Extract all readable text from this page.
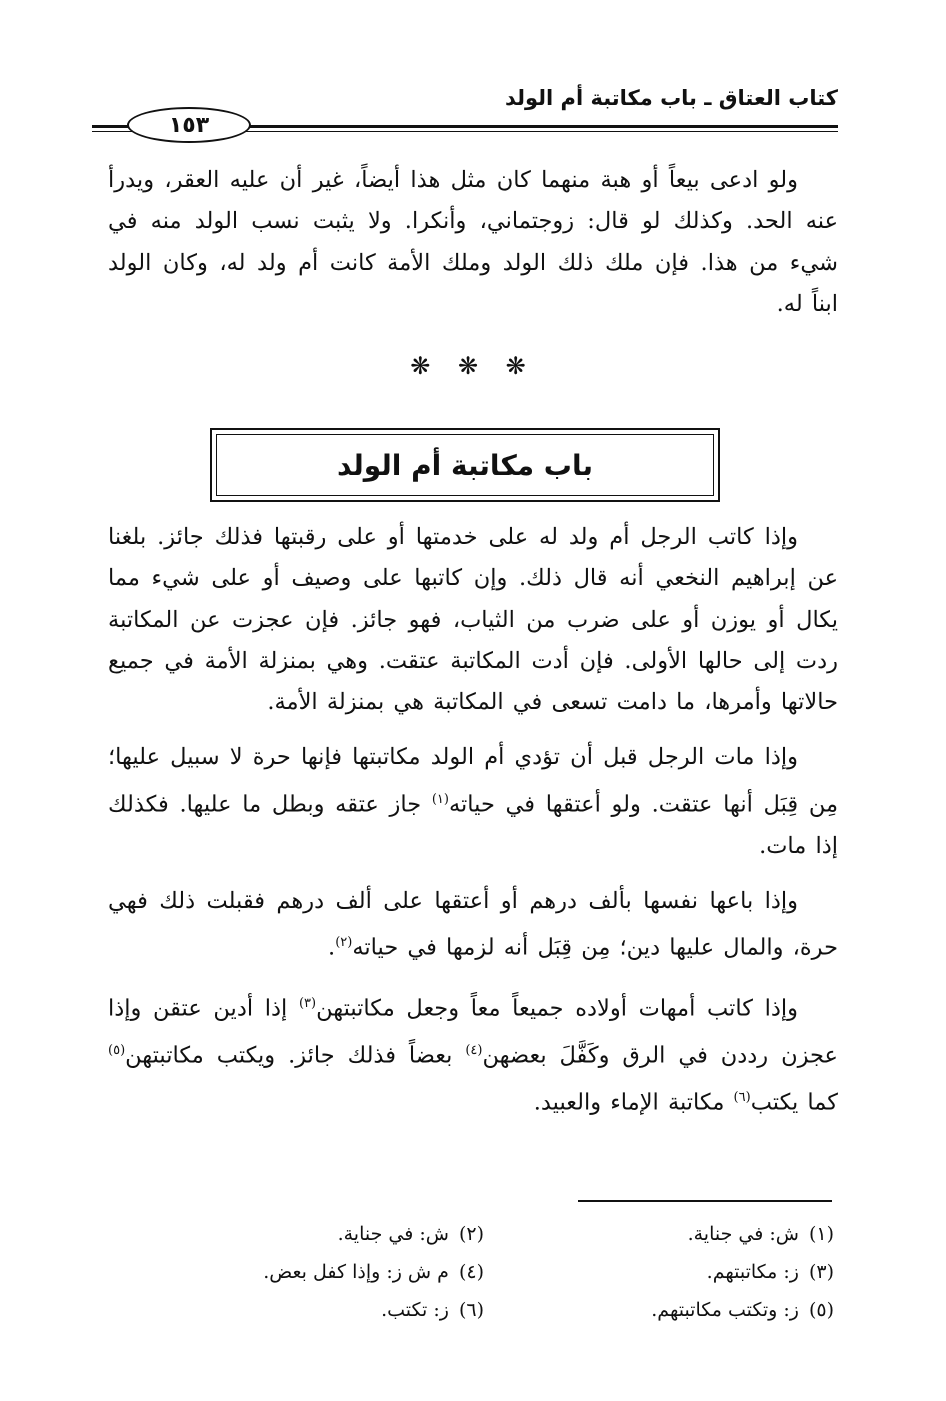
كتاب العتاق ـ باب مكاتبة أم الولد
١٥٣

ولو ادعى بيعاً أو هبة منهما كان مثل هذا أيضاً، غير أن عليه العقر، ويدرأ عنه الحد. وكذلك لو قال: زوجتماني، وأنكرا. ولا يثبت نسب الولد منه في شيء من هذا. فإن ملك ذلك الولد وملك الأمة كانت أم ولد له، وكان الولد ابناً له.

❋ ❋ ❋
باب مكاتبة أم الولد

وإذا كاتب الرجل أم ولد له على خدمتها أو على رقبتها فذلك جائز. بلغنا عن إبراهيم النخعي أنه قال ذلك. وإن كاتبها على وصيف أو على شيء مما يكال أو يوزن أو على ضرب من الثياب، فهو جائز. فإن عجزت عن المكاتبة ردت إلى حالها الأولى. فإن أدت المكاتبة عتقت. وهي بمنزلة الأمة في جميع حالاتها وأمرها، ما دامت تسعى في المكاتبة هي بمنزلة الأمة.

وإذا مات الرجل قبل أن تؤدي أم الولد مكاتبتها فإنها حرة لا سبيل عليها؛ مِن قِبَل أنها عتقت. ولو أعتقها في حياته$^{(١)}$ جاز عتقه وبطل ما عليها. فكذلك إذا مات.

وإذا باعها نفسها بألف درهم أو أعتقها على ألف درهم فقبلت ذلك فهي حرة، والمال عليها دين؛ مِن قِبَل أنه لزمها في حياته$^{(٢)}$.

وإذا كاتب أمهات أولاده جميعاً معاً وجعل مكاتبتهن$^{(٣)}$ إذا أدين عتقن وإذا عجزن رددن في الرق وكَفَّلَ بعضهن$^{(٤)}$ بعضاً فذلك جائز. ويكتب مكاتبتهن$^{(٥)}$ كما يكتب$^{(٦)}$ مكاتبة الإماء والعبيد.

(١)ش: في جناية.
(٢)ش: في جناية.
(٣)ز: مكاتبتهم.
(٤)م ش ز: وإذا كفل بعض.
(٥)ز: وتكتب مكاتبتهم.
(٦)ز: تكتب.
